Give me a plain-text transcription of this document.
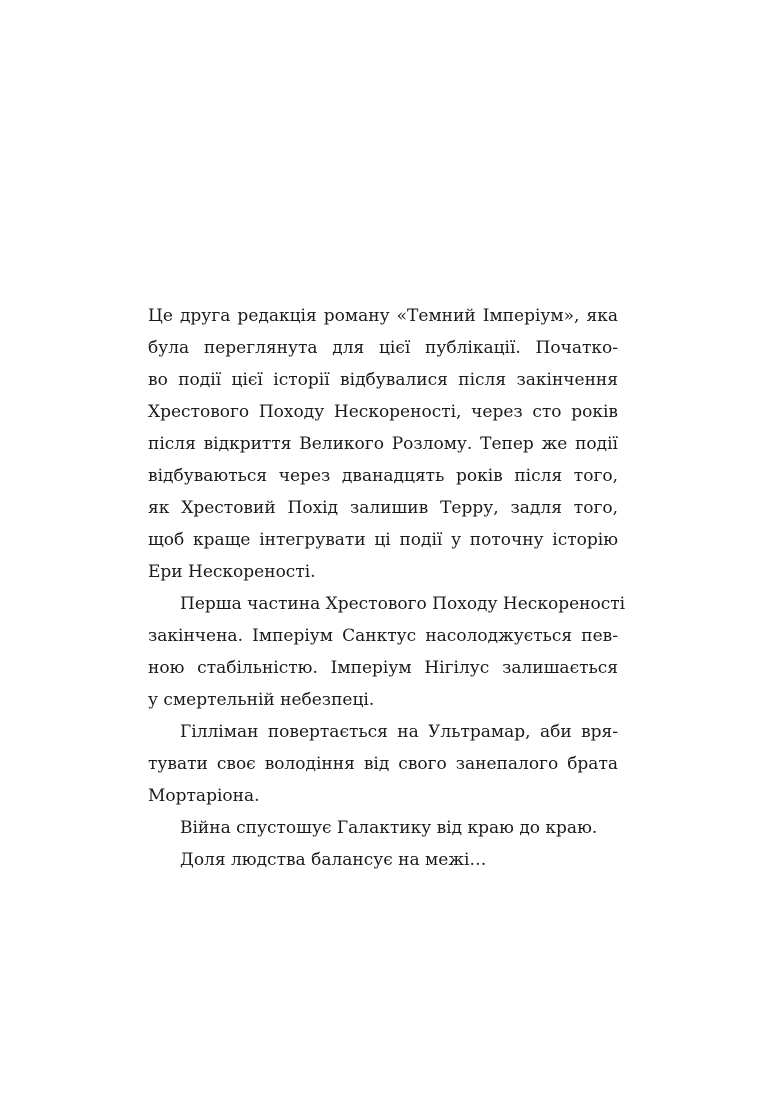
Це друга редакція роману «Темний Імперіум», яка
була переглянута для цієї публікації. Початко-
во події цієї історії відбувалися після закінчення
Хрестового Походу Нескореності, через сто років
після відкриття Великого Розлому. Тепер же події
відбуваються через дванадцять років після того,
як Хрестовий Похід залишив Терру, задля того,
щоб краще інтегрувати ці події у поточну історію
Ери Нескореності.
Перша частина Хрестового Походу Нескореності
закінчена. Імперіум Санктус насолоджується пев-
ною стабільністю. Імперіум Нігілус залишається
у смертельній небезпеці.
Гілліман повертається на Ультрамар, аби вря-
тувати своє володіння від свого занепалого брата
Мортаріона.
Війна спустошує Галактику від краю до краю.
Доля людства балансує на межі…
